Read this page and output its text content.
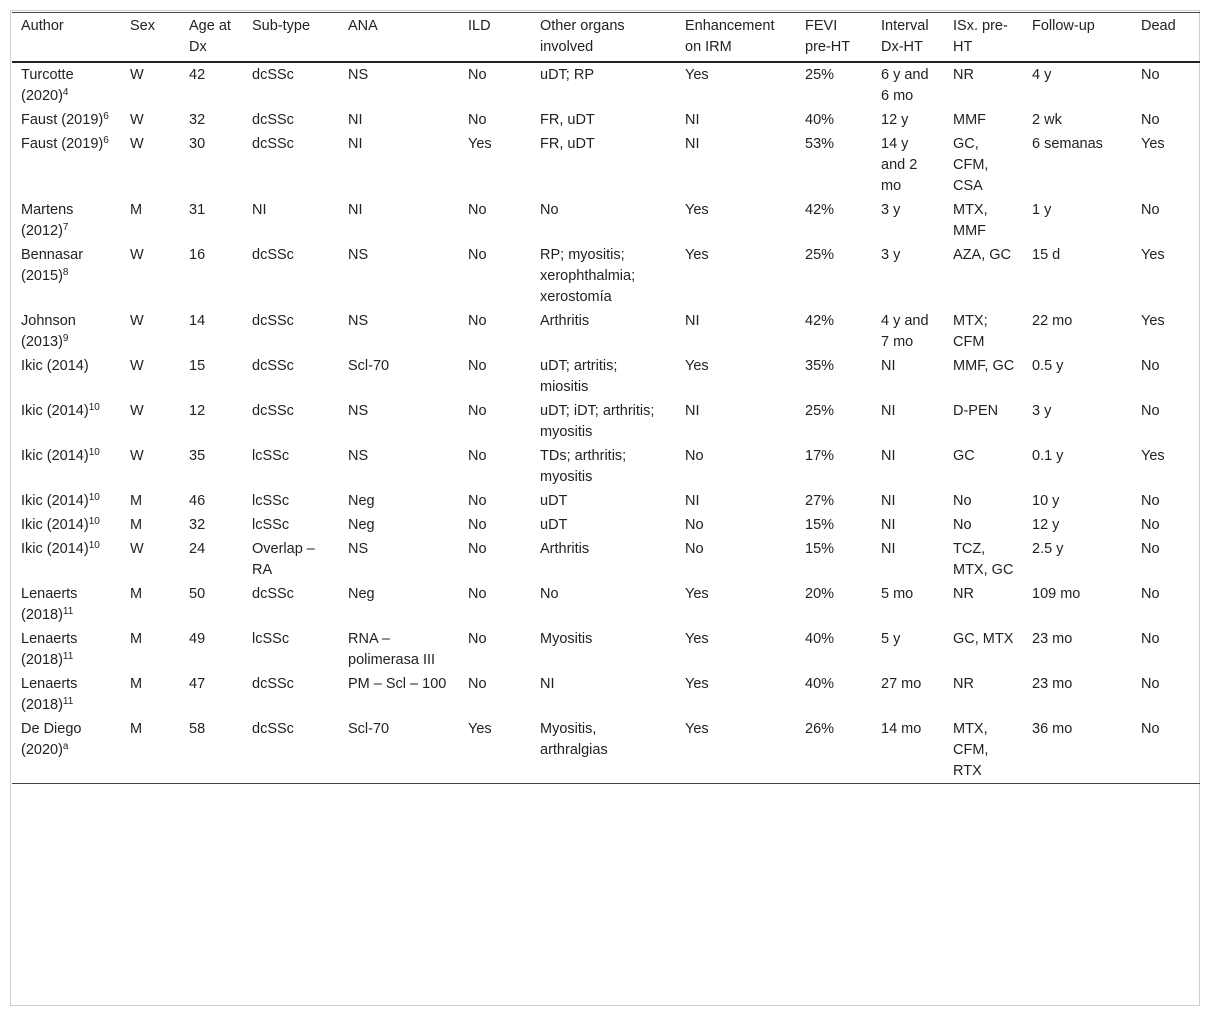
Author	Sex	Age at Dx	Sub-type	ANA	ILD	Other organs involved	Enhancement on IRM	FEVI pre-HT	Interval Dx-HT	ISx. pre-HT	Follow-up	Dead
Turcotte $(2020)^4$	W	42	dcSSc	NS	No	uDT; RP	Yes	25%	6 y and 6 mo	NR	4 y	No
Faust $(2019)^6$	W	32	dcSSc	NI	No	FR, uDT	NI	40%	12 y	MMF	2 wk	No
Faust $(2019)^6$	W	30	dcSSc	NI	Yes	FR, uDT	NI	53%	14 y and 2 mo	GC, CFM, CSA	6 semanas	Yes
Martens $(2012)^7$	M	31	NI	NI	No	No	Yes	42%	3 y	MTX, MMF	1 y	No
Bennasar $(2015)^8$	W	16	dcSSc	NS	No	RP; myositis; xerophthalmia; xerostomía	Yes	25%	3 y	AZA, GC	15 d	Yes
Johnson $(2013)^9$	W	14	dcSSc	NS	No	Arthritis	NI	42%	4 y and 7 mo	MTX; CFM	22 mo	Yes
Ikic (2014)	W	15	dcSSc	Scl-70	No	uDT; artritis; miositis	Yes	35%	NI	MMF, GC	0.5 y	No
Ikic $(2014)^{10}$	W	12	dcSSc	NS	No	uDT; iDT; arthritis; myositis	NI	25%	NI	D-PEN	3 y	No
Ikic $(2014)^{10}$	W	35	lcSSc	NS	No	TDs; arthritis; myositis	No	17%	NI	GC	0.1 y	Yes
Ikic $(2014)^{10}$	M	46	lcSSc	Neg	No	uDT	NI	27%	NI	No	10 y	No
Ikic $(2014)^{10}$	M	32	lcSSc	Neg	No	uDT	No	15%	NI	No	12 y	No
Ikic $(2014)^{10}$	W	24	Overlap – RA	NS	No	Arthritis	No	15%	NI	TCZ, MTX, GC	2.5 y	No
Lenaerts $(2018)^{11}$	M	50	dcSSc	Neg	No	No	Yes	20%	5 mo	NR	109 mo	No
Lenaerts $(2018)^{11}$	M	49	lcSSc	RNA – polimerasa III	No	Myositis	Yes	40%	5 y	GC, MTX	23 mo	No
Lenaerts $(2018)^{11}$	M	47	dcSSc	PM – Scl – 100	No	NI	Yes	40%	27 mo	NR	23 mo	No
De Diego $(2020)^a$	M	58	dcSSc	Scl-70	Yes	Myositis, arthralgias	Yes	26%	14 mo	MTX, CFM, RTX	36 mo	No
